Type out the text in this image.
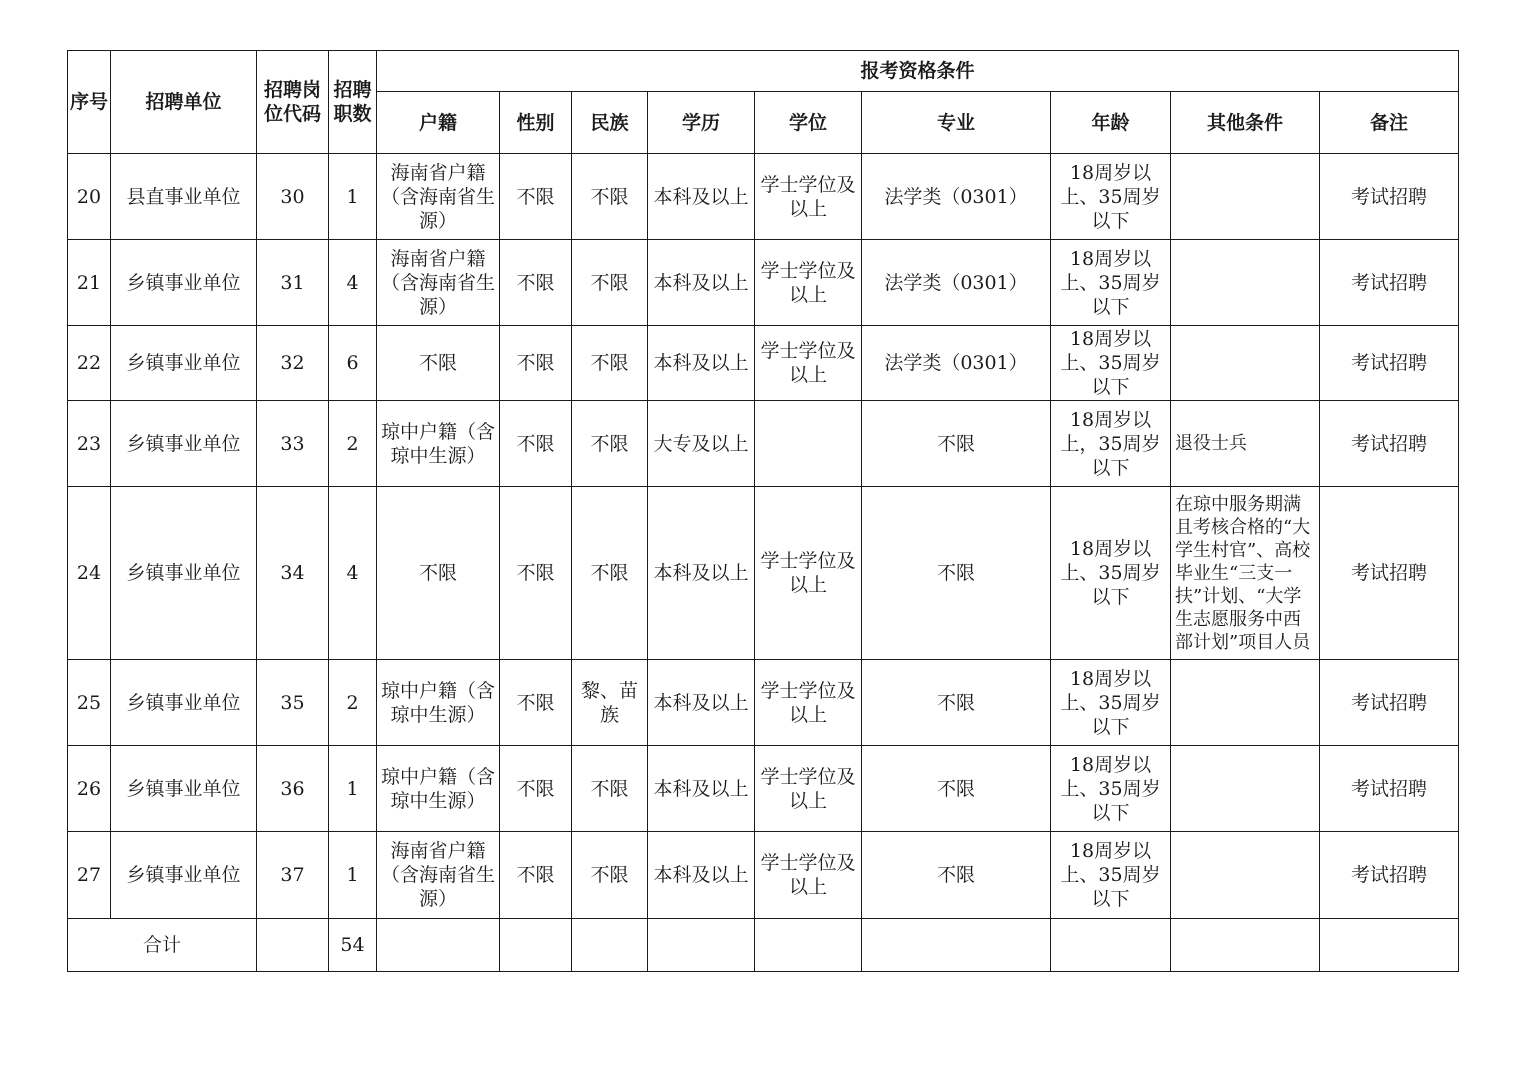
序号	招聘单位	招聘岗位代码	招聘职数	报考资格条件								
				户籍	性别	民族	学历	学位	专业	年龄	其他条件	备注

20	县直事业单位	30	1	海南省户籍（含海南省生源）	不限	不限	本科及以上	学士学位及以上	法学类（0301）	18周岁以上、35周岁以下		考试招聘

21	乡镇事业单位	31	4	海南省户籍（含海南省生源）	不限	不限	本科及以上	学士学位及以上	法学类（0301）	18周岁以上、35周岁以下		考试招聘

22	乡镇事业单位	32	6	不限	不限	不限	本科及以上	学士学位及以上	法学类（0301）	18周岁以上、35周岁以下		考试招聘

23	乡镇事业单位	33	2	琼中户籍（含琼中生源）	不限	不限	大专及以上		不限	18周岁以上，35周岁以下	退役士兵	考试招聘

24	乡镇事业单位	34	4	不限	不限	不限	本科及以上	学士学位及以上	不限	18周岁以上、35周岁以下	在琼中服务期满且考核合格的“大学生村官”、高校毕业生“三支一扶”计划、“大学生志愿服务中西部计划”项目人员	考试招聘

25	乡镇事业单位	35	2	琼中户籍（含琼中生源）	不限	黎、苗族	本科及以上	学士学位及以上	不限	18周岁以上、35周岁以下		考试招聘

26	乡镇事业单位	36	1	琼中户籍（含琼中生源）	不限	不限	本科及以上	学士学位及以上	不限	18周岁以上、35周岁以下		考试招聘

27	乡镇事业单位	37	1	海南省户籍（含海南省生源）	不限	不限	本科及以上	学士学位及以上	不限	18周岁以上、35周岁以下		考试招聘

合计			54									
